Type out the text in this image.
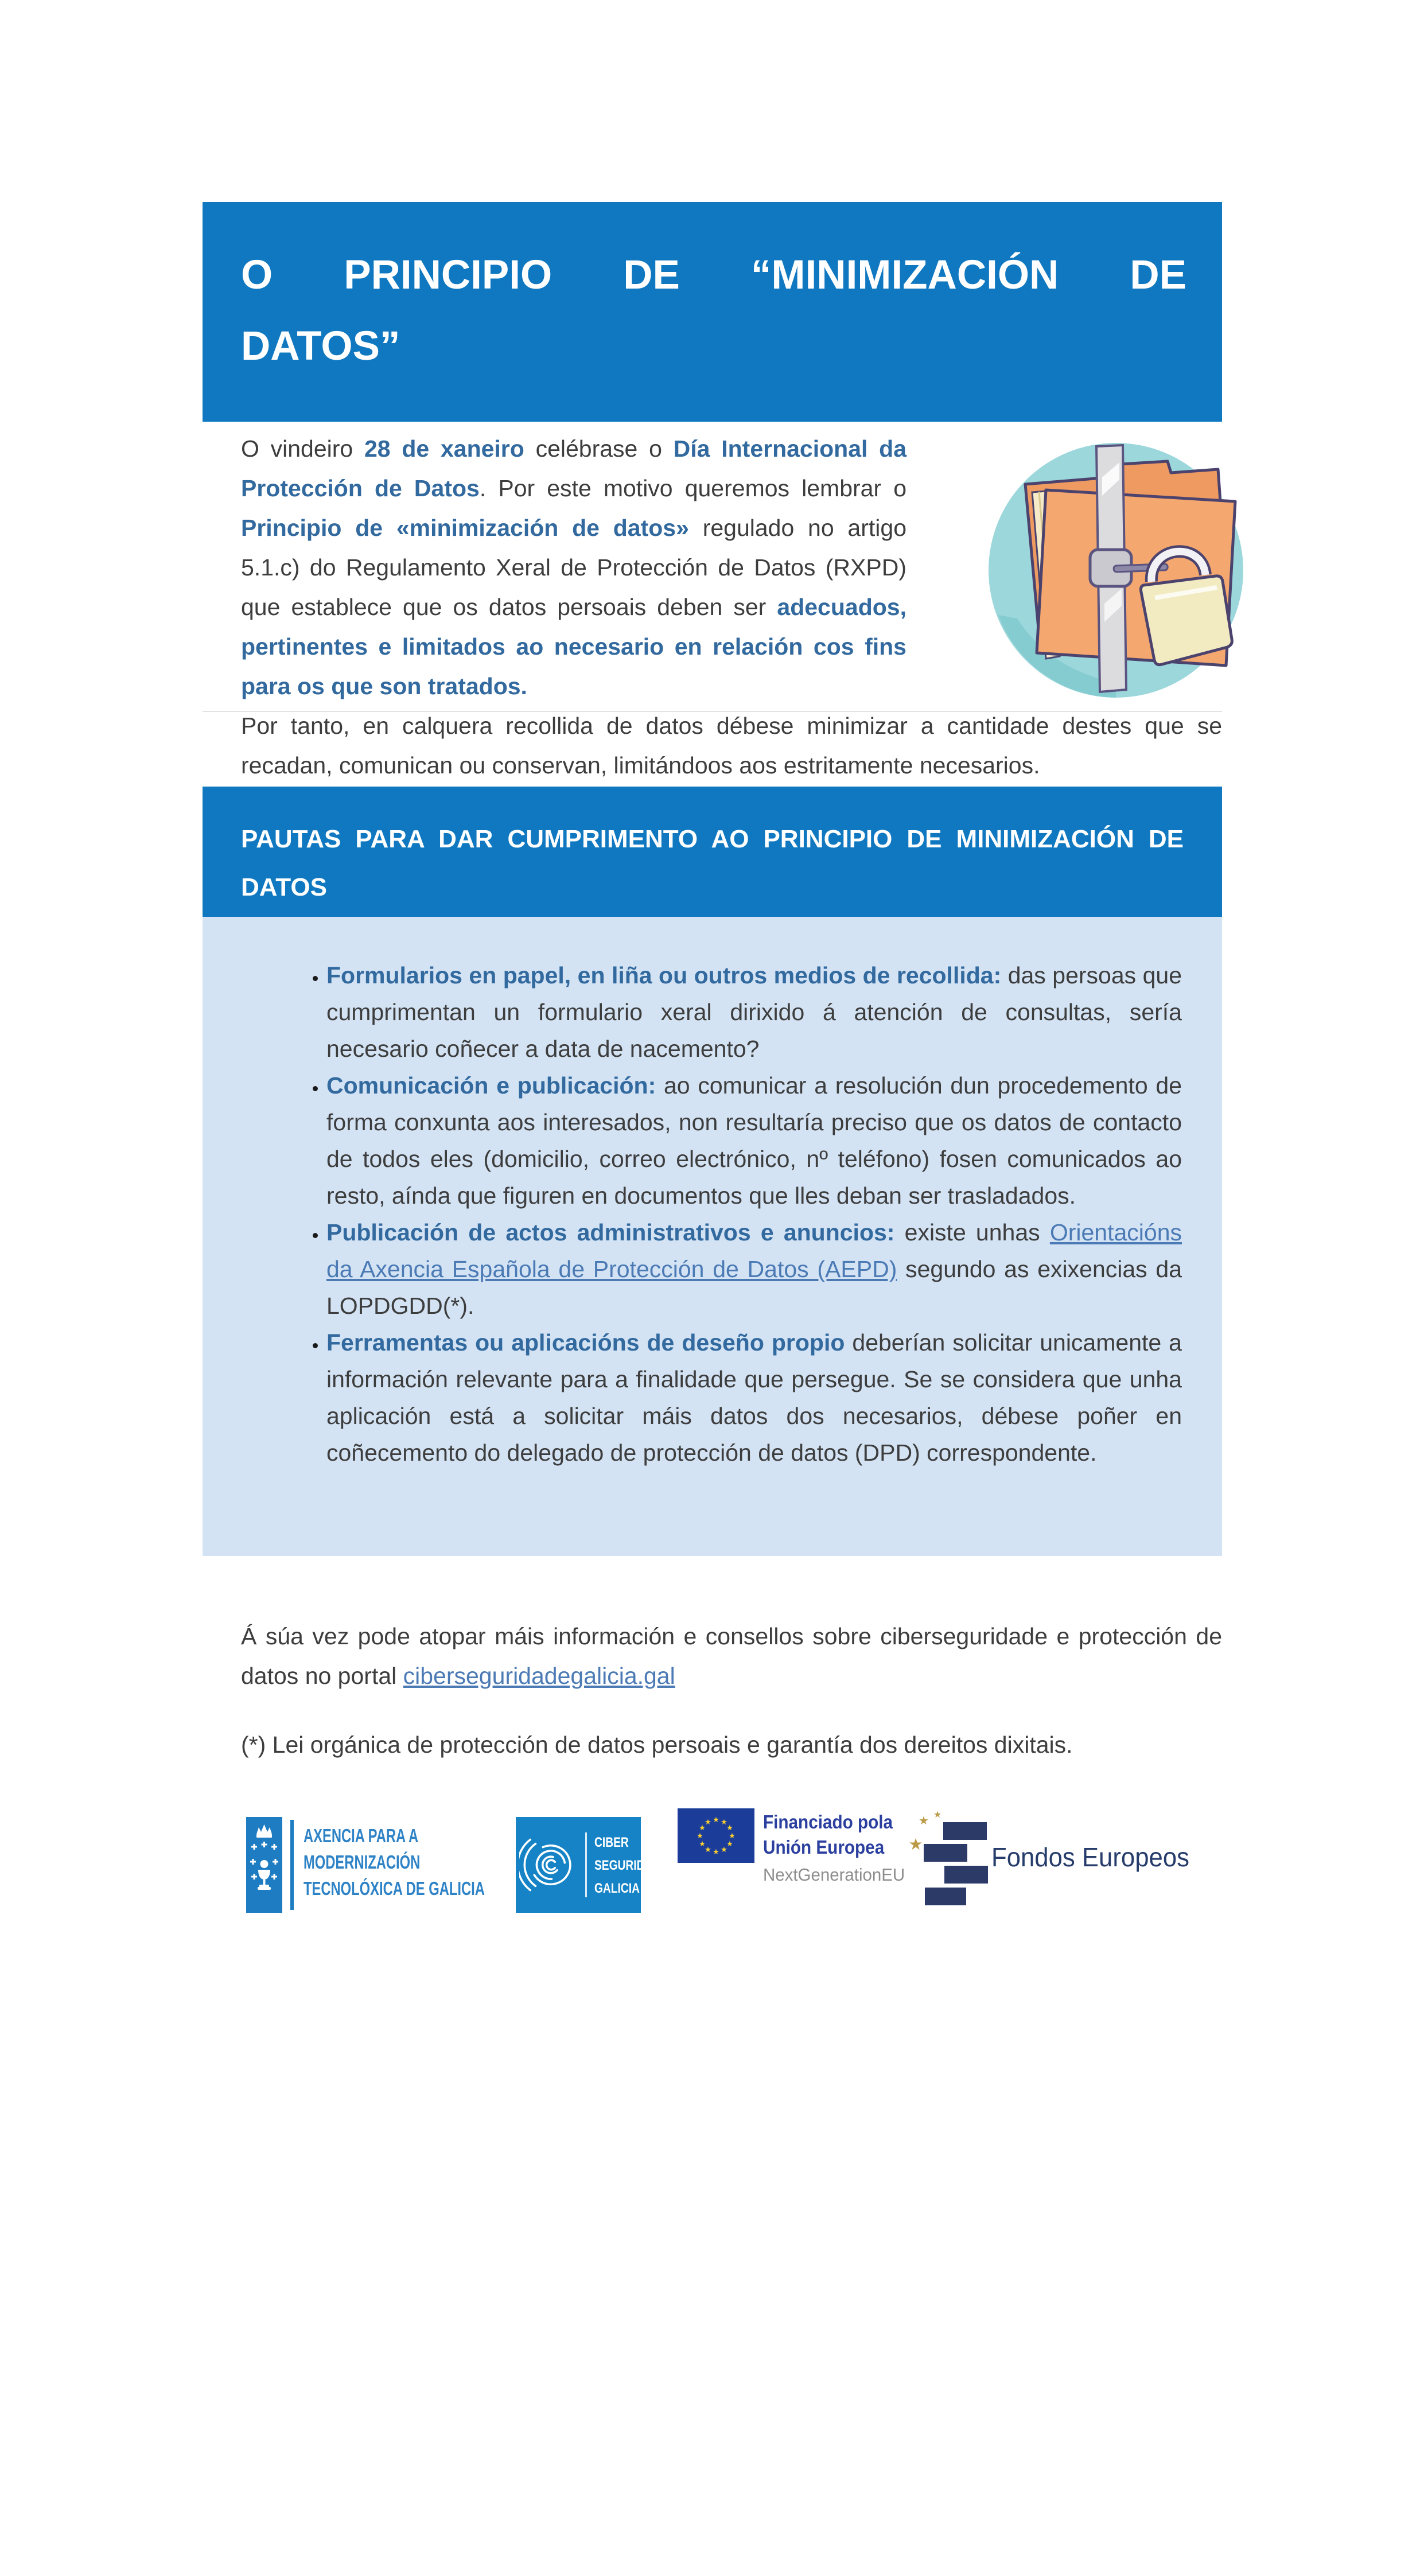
O PRINCIPIO DE “MINIMIZACIÓN DE
DATOS”

O vindeiro 28 de xaneiro celébrase o Día Internacional da Protección de Datos. Por este motivo queremos lembrar o Principio de «minimización de datos» regulado no artigo 5.1.c) do Regulamento Xeral de Protección de Datos (RXPD) que establece que os datos persoais deben ser adecuados, pertinentes e limitados ao necesario en relación cos fins para os que son tratados.

Por tanto, en calquera recollida de datos débese minimizar a cantidade destes que se recadan, comunican ou conservan, limitándoos aos estritamente necesarios.

PAUTAS PARA DAR CUMPRIMENTO AO PRINCIPIO DE MINIMIZACIÓN DE
DATOS
• Formularios en papel, en liña ou outros medios de recollida: das persoas que cumprimentan un formulario xeral dirixido á atención de consultas, sería necesario coñecer a data de nacemento?
• Comunicación e publicación: ao comunicar a resolución dun procedemento de forma conxunta aos interesados, non resultaría preciso que os datos de contacto de todos eles (domicilio, correo electrónico, nº teléfono) fosen comunicados ao resto, aínda que figuren en documentos que lles deban ser trasladados.
• Publicación de actos administrativos e anuncios: existe unhas Orientacións da Axencia Española de Protección de Datos (AEPD) segundo as exixencias da LOPDGDD(*).
• Ferramentas ou aplicacións de deseño propio deberían solicitar unicamente a información relevante para a finalidade que persegue. Se se considera que unha aplicación está a solicitar máis datos dos necesarios, débese poñer en coñecemento do delegado de protección de datos (DPD) correspondente.

Á súa vez pode atopar máis información e consellos sobre ciberseguridade e protección de datos no portal ciberseguridadegalicia.gal

(*) Lei orgánica de protección de datos persoais e garantía dos dereitos dixitais.

AXENCIA PARA A
MODERNIZACIÓN
TECNOLÓXICA DE GALICIA
CIBER
SEGURIDADE
GALICIA
★
★
★
★
★
★
★
★
★ ★ ★
★ Financiado pola
Unión Europea
NextGenerationEU
★ ★
★	Fondos Europeos
